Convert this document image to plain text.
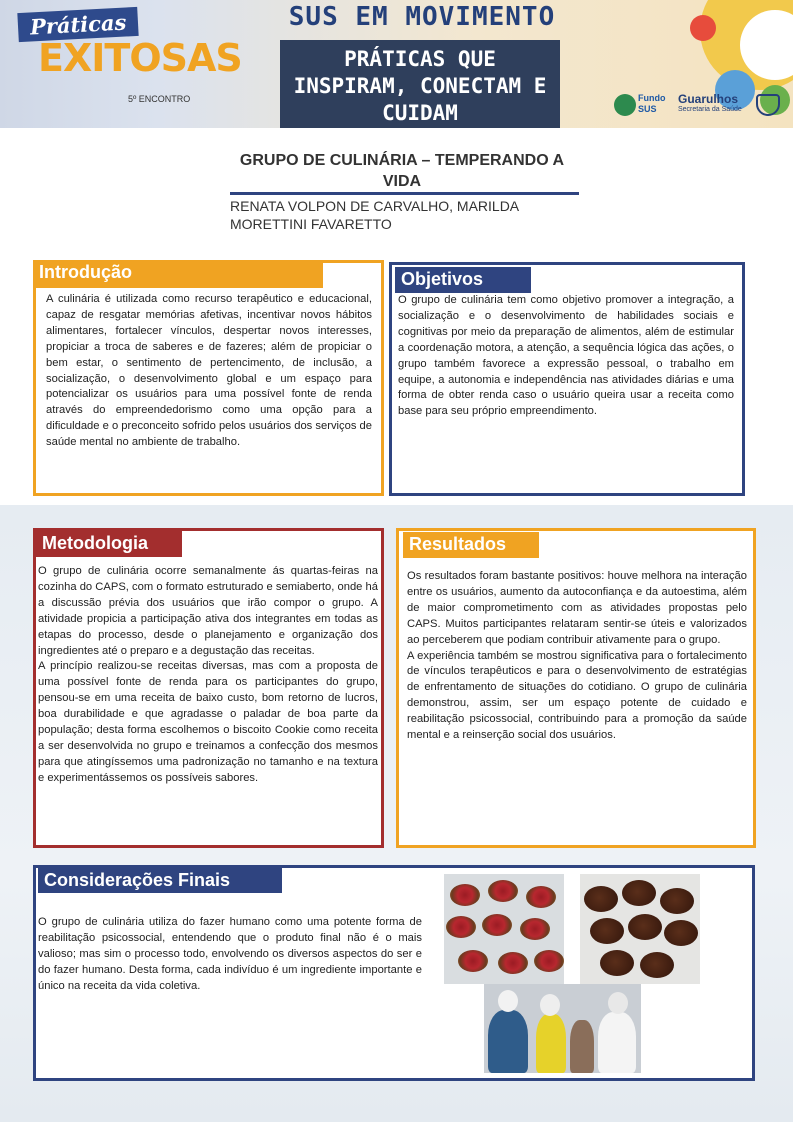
Práticas
EXITOSAS
5º ENCONTRO
SUS EM MOVIMENTO
PRÁTICAS QUE INSPIRAM, CONECTAM E CUIDAM
Fundo SUS
Guarulhos
Secretaria da Saúde
GRUPO DE CULINÁRIA – TEMPERANDO A VIDA
RENATA VOLPON DE CARVALHO, MARILDA MORETTINI FAVARETTO
Introdução
A culinária é utilizada como recurso terapêutico e educacional, capaz de resgatar memórias afetivas, incentivar novos hábitos alimentares, fortalecer vínculos, despertar novos interesses, propiciar a troca de saberes e de fazeres; além de propiciar o bem estar, o sentimento de pertencimento, de inclusão, a socialização, o desenvolvimento global e um espaço para potencializar os usuários para uma possível fonte de renda através do empreendedorismo como uma opção para a dificuldade e o preconceito sofrido pelos usuários dos serviços de saúde mental no ambiente de trabalho.
Objetivos
O grupo de culinária tem como objetivo promover a integração, a socialização e o desenvolvimento de habilidades sociais e cognitivas por meio da preparação de alimentos, além de estimular a coordenação motora, a atenção, a sequência lógica das ações, o grupo também favorece a expressão pessoal, o trabalho em equipe, a autonomia e independência nas atividades diárias e uma forma de obter renda caso o usuário queira usar a receita como base para seu próprio empreendimento.
Metodologia
O grupo de culinária ocorre semanalmente ás quartas-feiras na cozinha do CAPS, com o formato estruturado e semiaberto, onde há a discussão prévia dos usuários que irão compor o grupo. A atividade propicia a participação ativa dos integrantes em todas as etapas do processo, desde o planejamento e organização dos ingredientes até o preparo e a degustação das receitas.
A princípio realizou-se receitas diversas, mas com a proposta de uma possível fonte de renda para os participantes do grupo, pensou-se em uma receita de baixo custo, bom retorno de lucros, boa durabilidade e que agradasse o paladar de boa parte da população; desta forma escolhemos o biscoito Cookie como receita a ser desenvolvida no grupo e treinamos a confecção dos mesmos para que atingíssemos uma padronização no tamanho e na textura e experimentássemos os possíveis sabores.
Resultados
Os resultados foram bastante positivos: houve melhora na interação entre os usuários, aumento da autoconfiança e da autoestima, além de maior comprometimento com as atividades propostas pelo CAPS. Muitos participantes relataram sentir-se úteis e valorizados ao perceberem que podiam contribuir ativamente para o grupo.
A experiência também se mostrou significativa para o fortalecimento de vínculos terapêuticos e para o desenvolvimento de estratégias de enfrentamento de situações do cotidiano. O grupo de culinária demonstrou, assim, ser um espaço potente de cuidado e reabilitação psicossocial, contribuindo para a promoção da saúde mental e a reinserção social dos usuários.
Considerações Finais
O grupo de culinária utiliza do fazer humano como uma potente forma de reabilitação psicossocial, entendendo que o produto final não é o mais valioso; mas sim o processo todo, envolvendo os diversos aspectos do ser e do fazer humano. Desta forma, cada indivíduo é um ingrediente importante e único na receita da vida coletiva.
